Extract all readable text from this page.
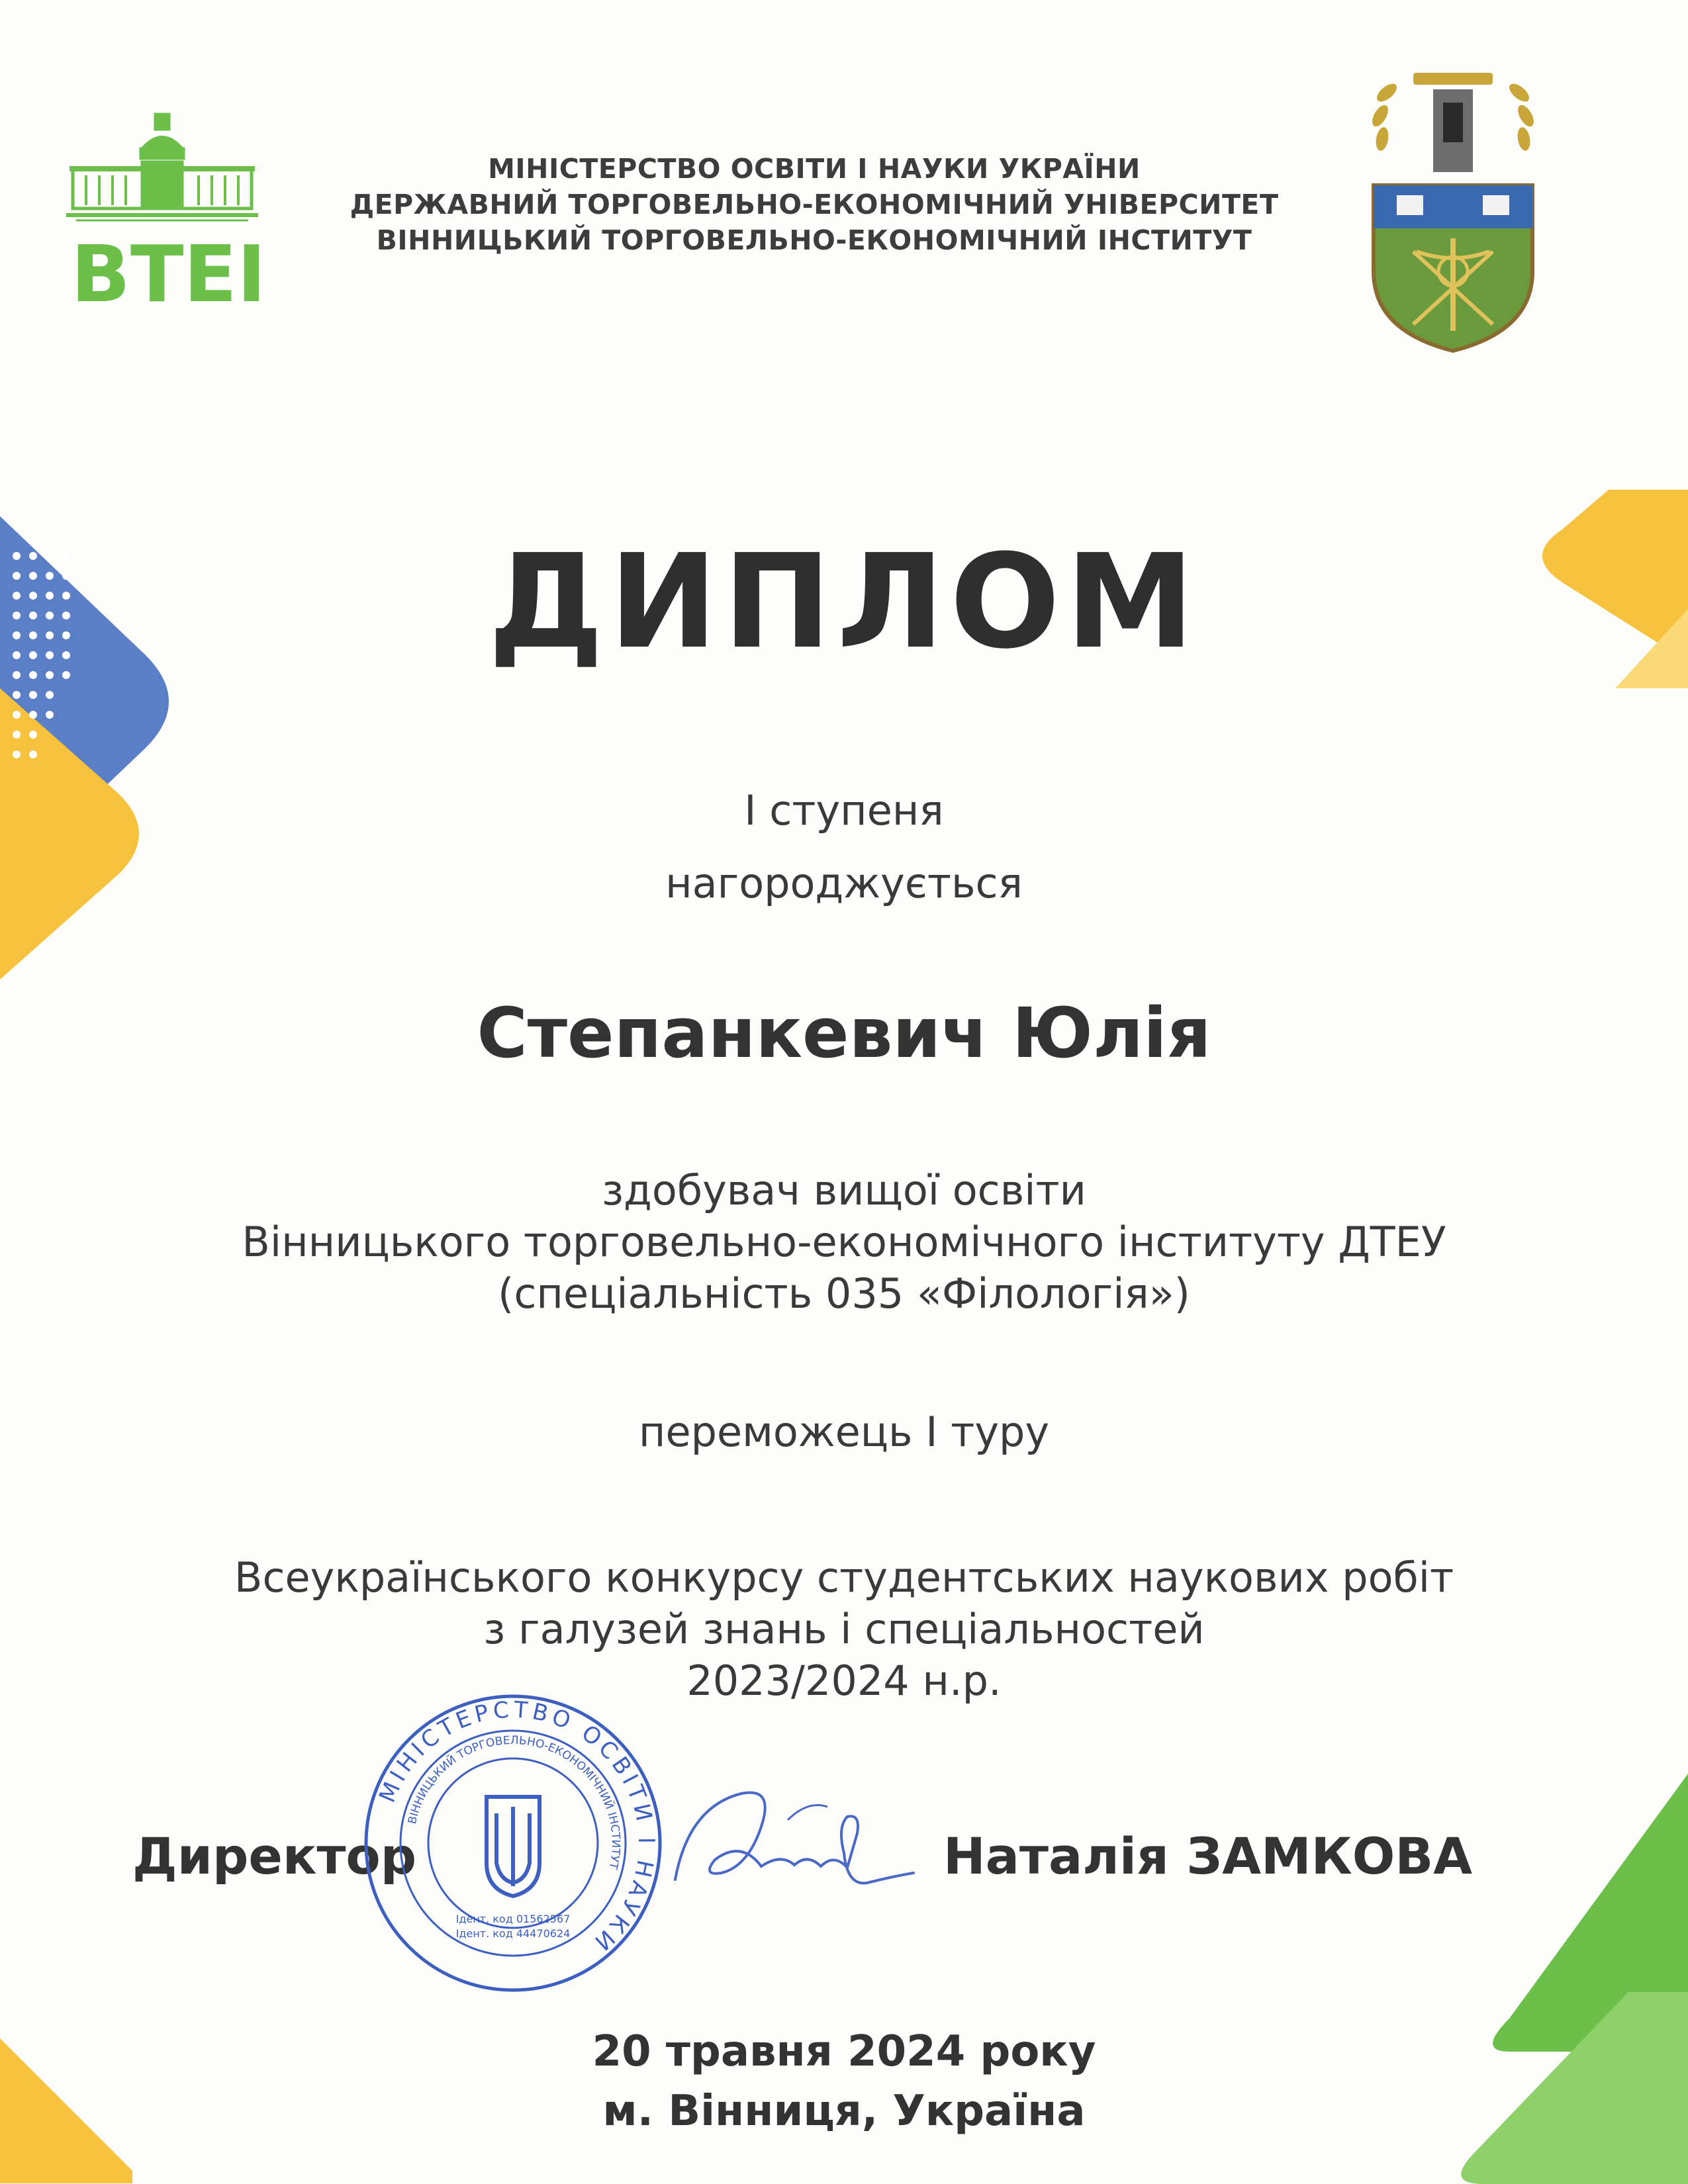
ВТЕІ
МІНІСТЕРСТВО ОСВІТИ І НАУКИ УКРАЇНИ
ДЕРЖАВНИЙ ТОРГОВЕЛЬНО-ЕКОНОМІЧНИЙ УНІВЕРСИТЕТ
ВІННИЦЬКИЙ ТОРГОВЕЛЬНО-ЕКОНОМІЧНИЙ ІНСТИТУТ
ДИПЛОМ
І ступеня
нагороджується
Степанкевич Юлія
здобувач вищої освіти
Вінницького торговельно-економічного інституту ДТЕУ
(спеціальність 035 «Філологія»)
переможець І туру
Всеукраїнського конкурсу студентських наукових робіт
з галузей знань і спеціальностей
2023/2024 н.р.
Директор	Наталія ЗАМКОВА
МІНІСТЕРСТВО ОСВІТИ І НАУКИ
ВІННИЦЬКИЙ ТОРГОВЕЛЬНО-ЕКОНОМІЧНИЙ ІНСТИТУТ
Ідент. код 01562567
Ідент. код 44470624
20 травня 2024 року
м. Вінниця, Україна
